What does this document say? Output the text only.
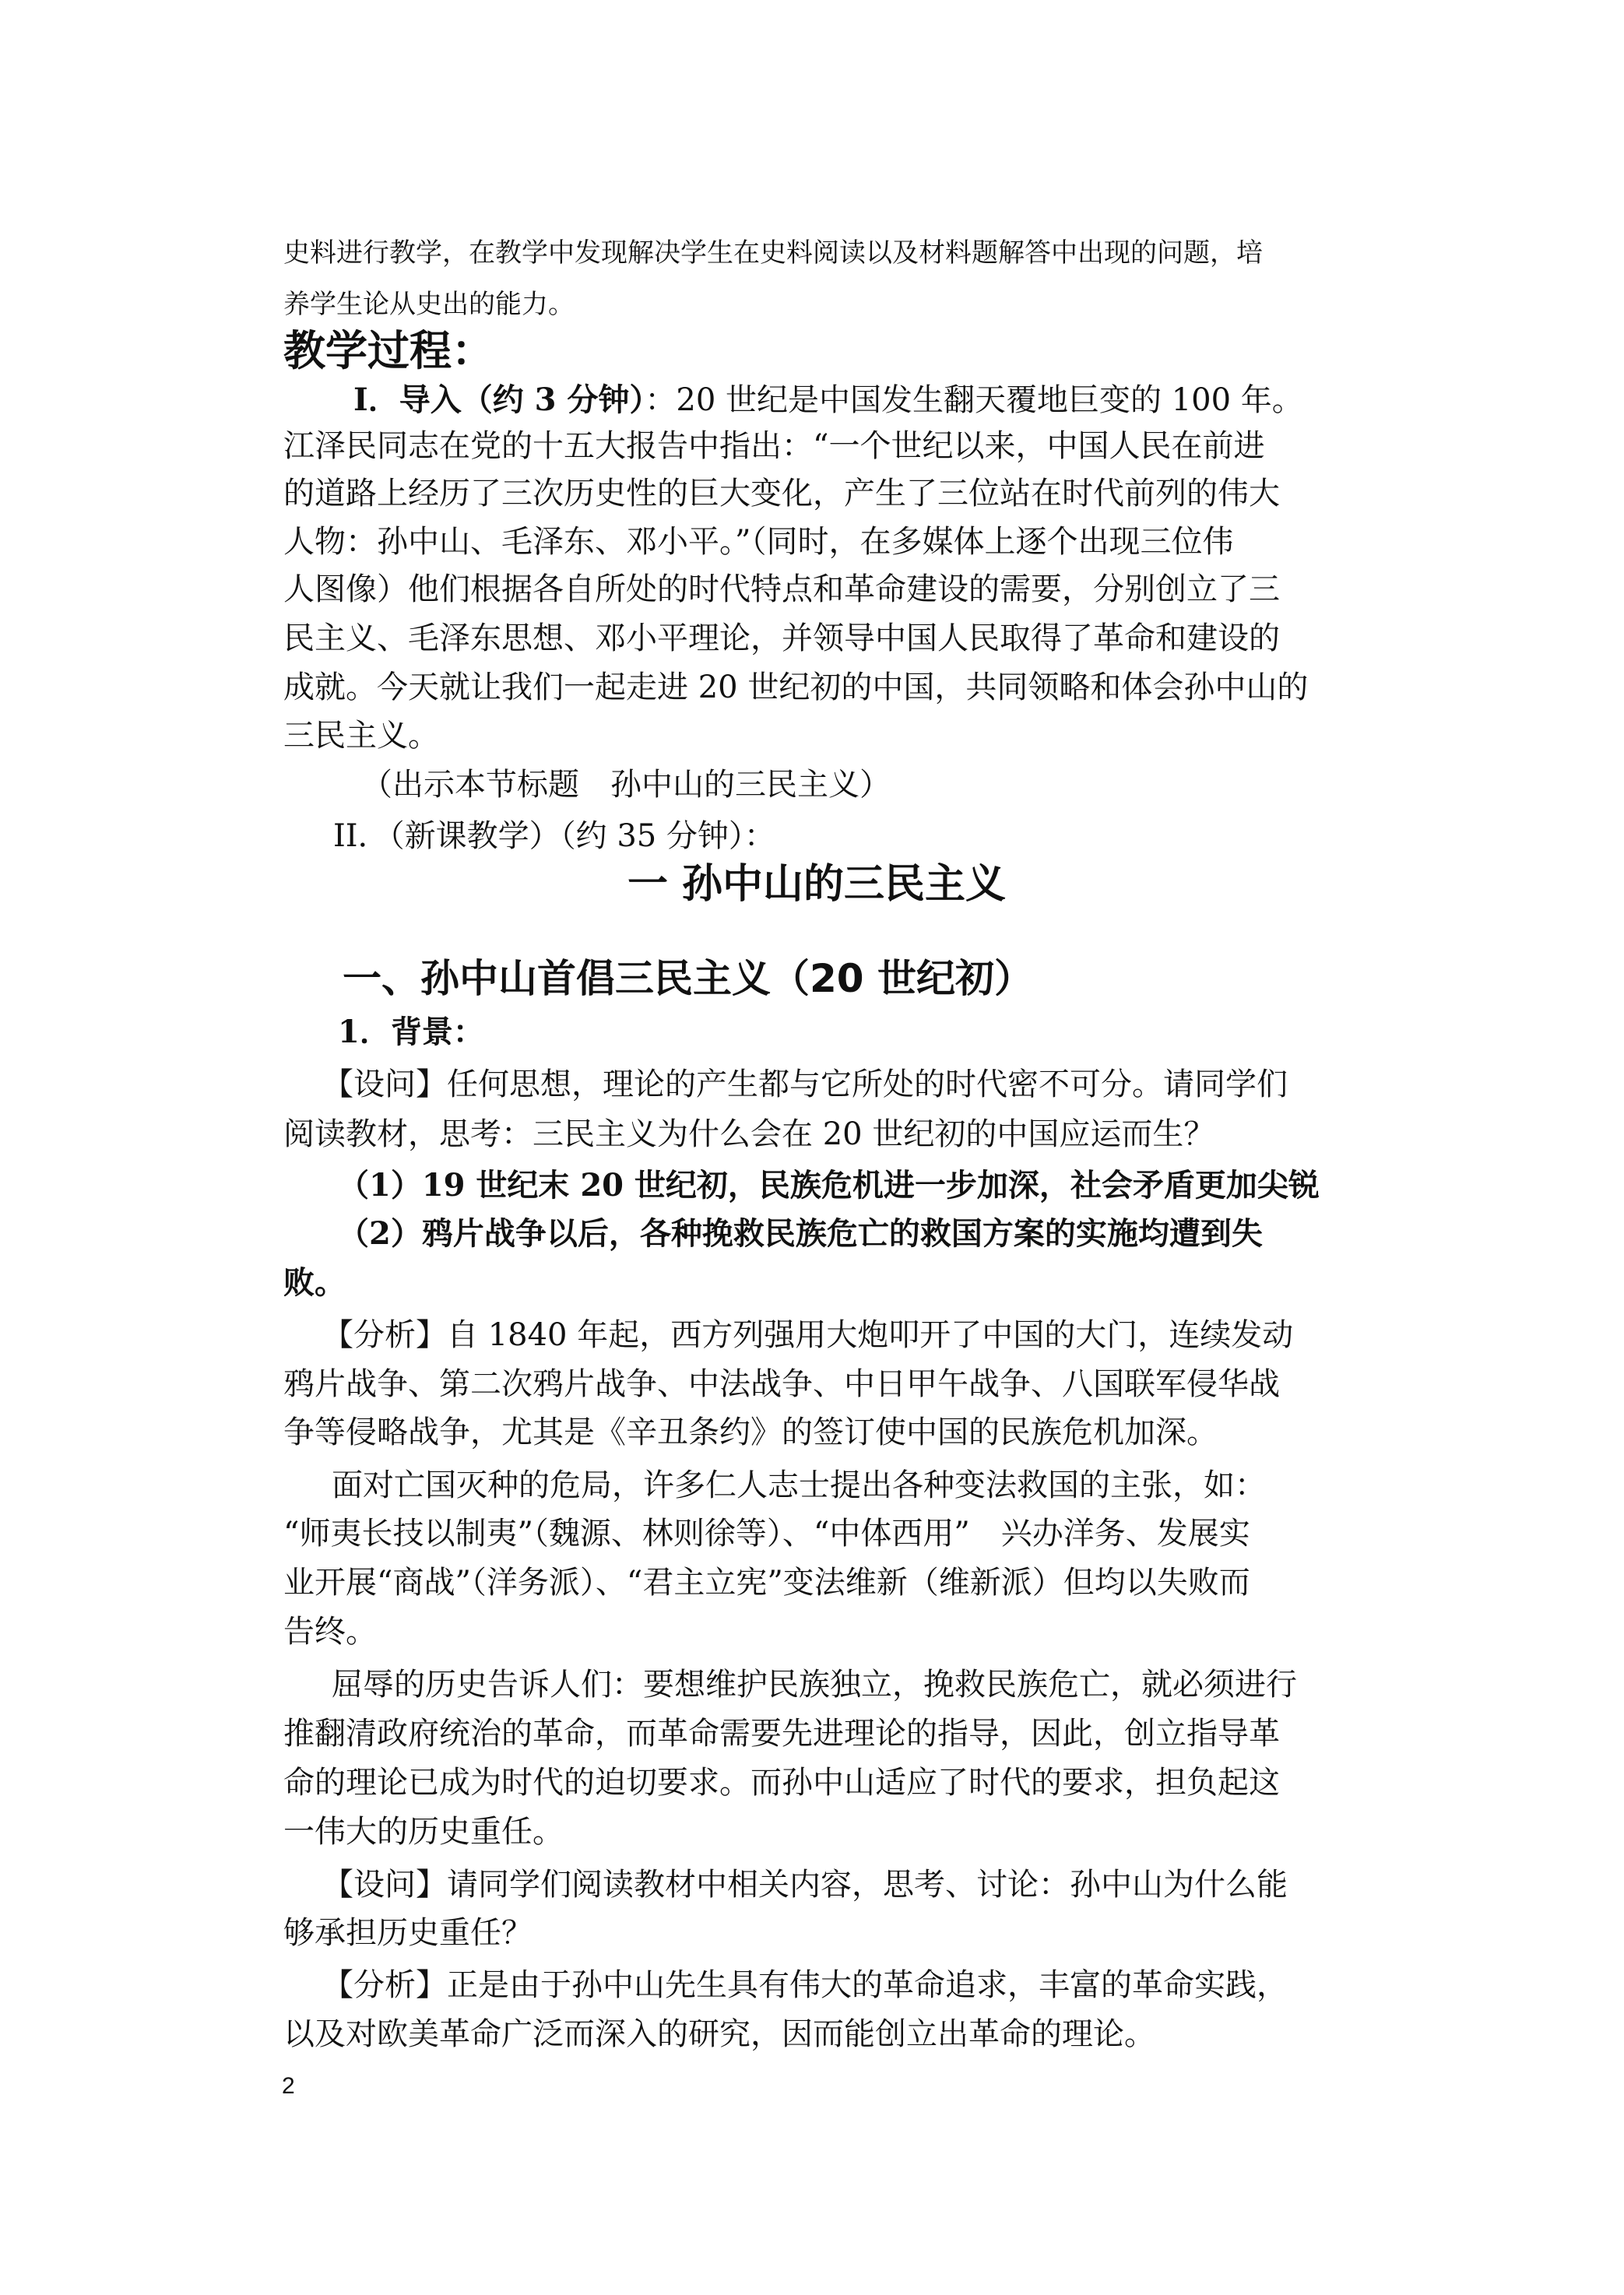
史料进行教学，在教学中发现解决学生在史料阅读以及材料题解答中出现的问题，培

养学生论从史出的能力。

教学过程：

I．导入（约 3 分钟）：20 世纪是中国发生翻天覆地巨变的 100 年。

江泽民同志在党的十五大报告中指出：“一个世纪以来，中国人民在前进

的道路上经历了三次历史性的巨大变化，产生了三位站在时代前列的伟大

人物：孙中山、毛泽东、邓小平。”（同时，在多媒体上逐个出现三位伟

人图像）他们根据各自所处的时代特点和革命建设的需要，分别创立了三

民主义、毛泽东思想、邓小平理论，并领导中国人民取得了革命和建设的

成就。今天就让我们一起走进 20 世纪初的中国，共同领略和体会孙中山的

三民主义。

（出示本节标题　孙中山的三民主义）

II．（新课教学）（约 35 分钟）：

一 孙中山的三民主义

一、孙中山首倡三民主义（20 世纪初）

1．背景：

【设问】任何思想，理论的产生都与它所处的时代密不可分。请同学们

阅读教材，思考：三民主义为什么会在 20 世纪初的中国应运而生？

（1）19 世纪末 20 世纪初，民族危机进一步加深，社会矛盾更加尖锐

（2）鸦片战争以后，各种挽救民族危亡的救国方案的实施均遭到失

败。

【分析】自 1840 年起，西方列强用大炮叩开了中国的大门，连续发动

鸦片战争、第二次鸦片战争、中法战争、中日甲午战争、八国联军侵华战

争等侵略战争，尤其是《辛丑条约》的签订使中国的民族危机加深。

面对亡国灭种的危局，许多仁人志士提出各种变法救国的主张，如：

“师夷长技以制夷”（魏源、林则徐等）、“中体西用”　兴办洋务、发展实

业开展“商战”（洋务派）、“君主立宪”变法维新（维新派）但均以失败而

告终。

屈辱的历史告诉人们：要想维护民族独立，挽救民族危亡，就必须进行

推翻清政府统治的革命，而革命需要先进理论的指导，因此，创立指导革

命的理论已成为时代的迫切要求。而孙中山适应了时代的要求，担负起这

一伟大的历史重任。

【设问】请同学们阅读教材中相关内容，思考、讨论：孙中山为什么能

够承担历史重任？

【分析】正是由于孙中山先生具有伟大的革命追求，丰富的革命实践，

以及对欧美革命广泛而深入的研究，因而能创立出革命的理论。

2
